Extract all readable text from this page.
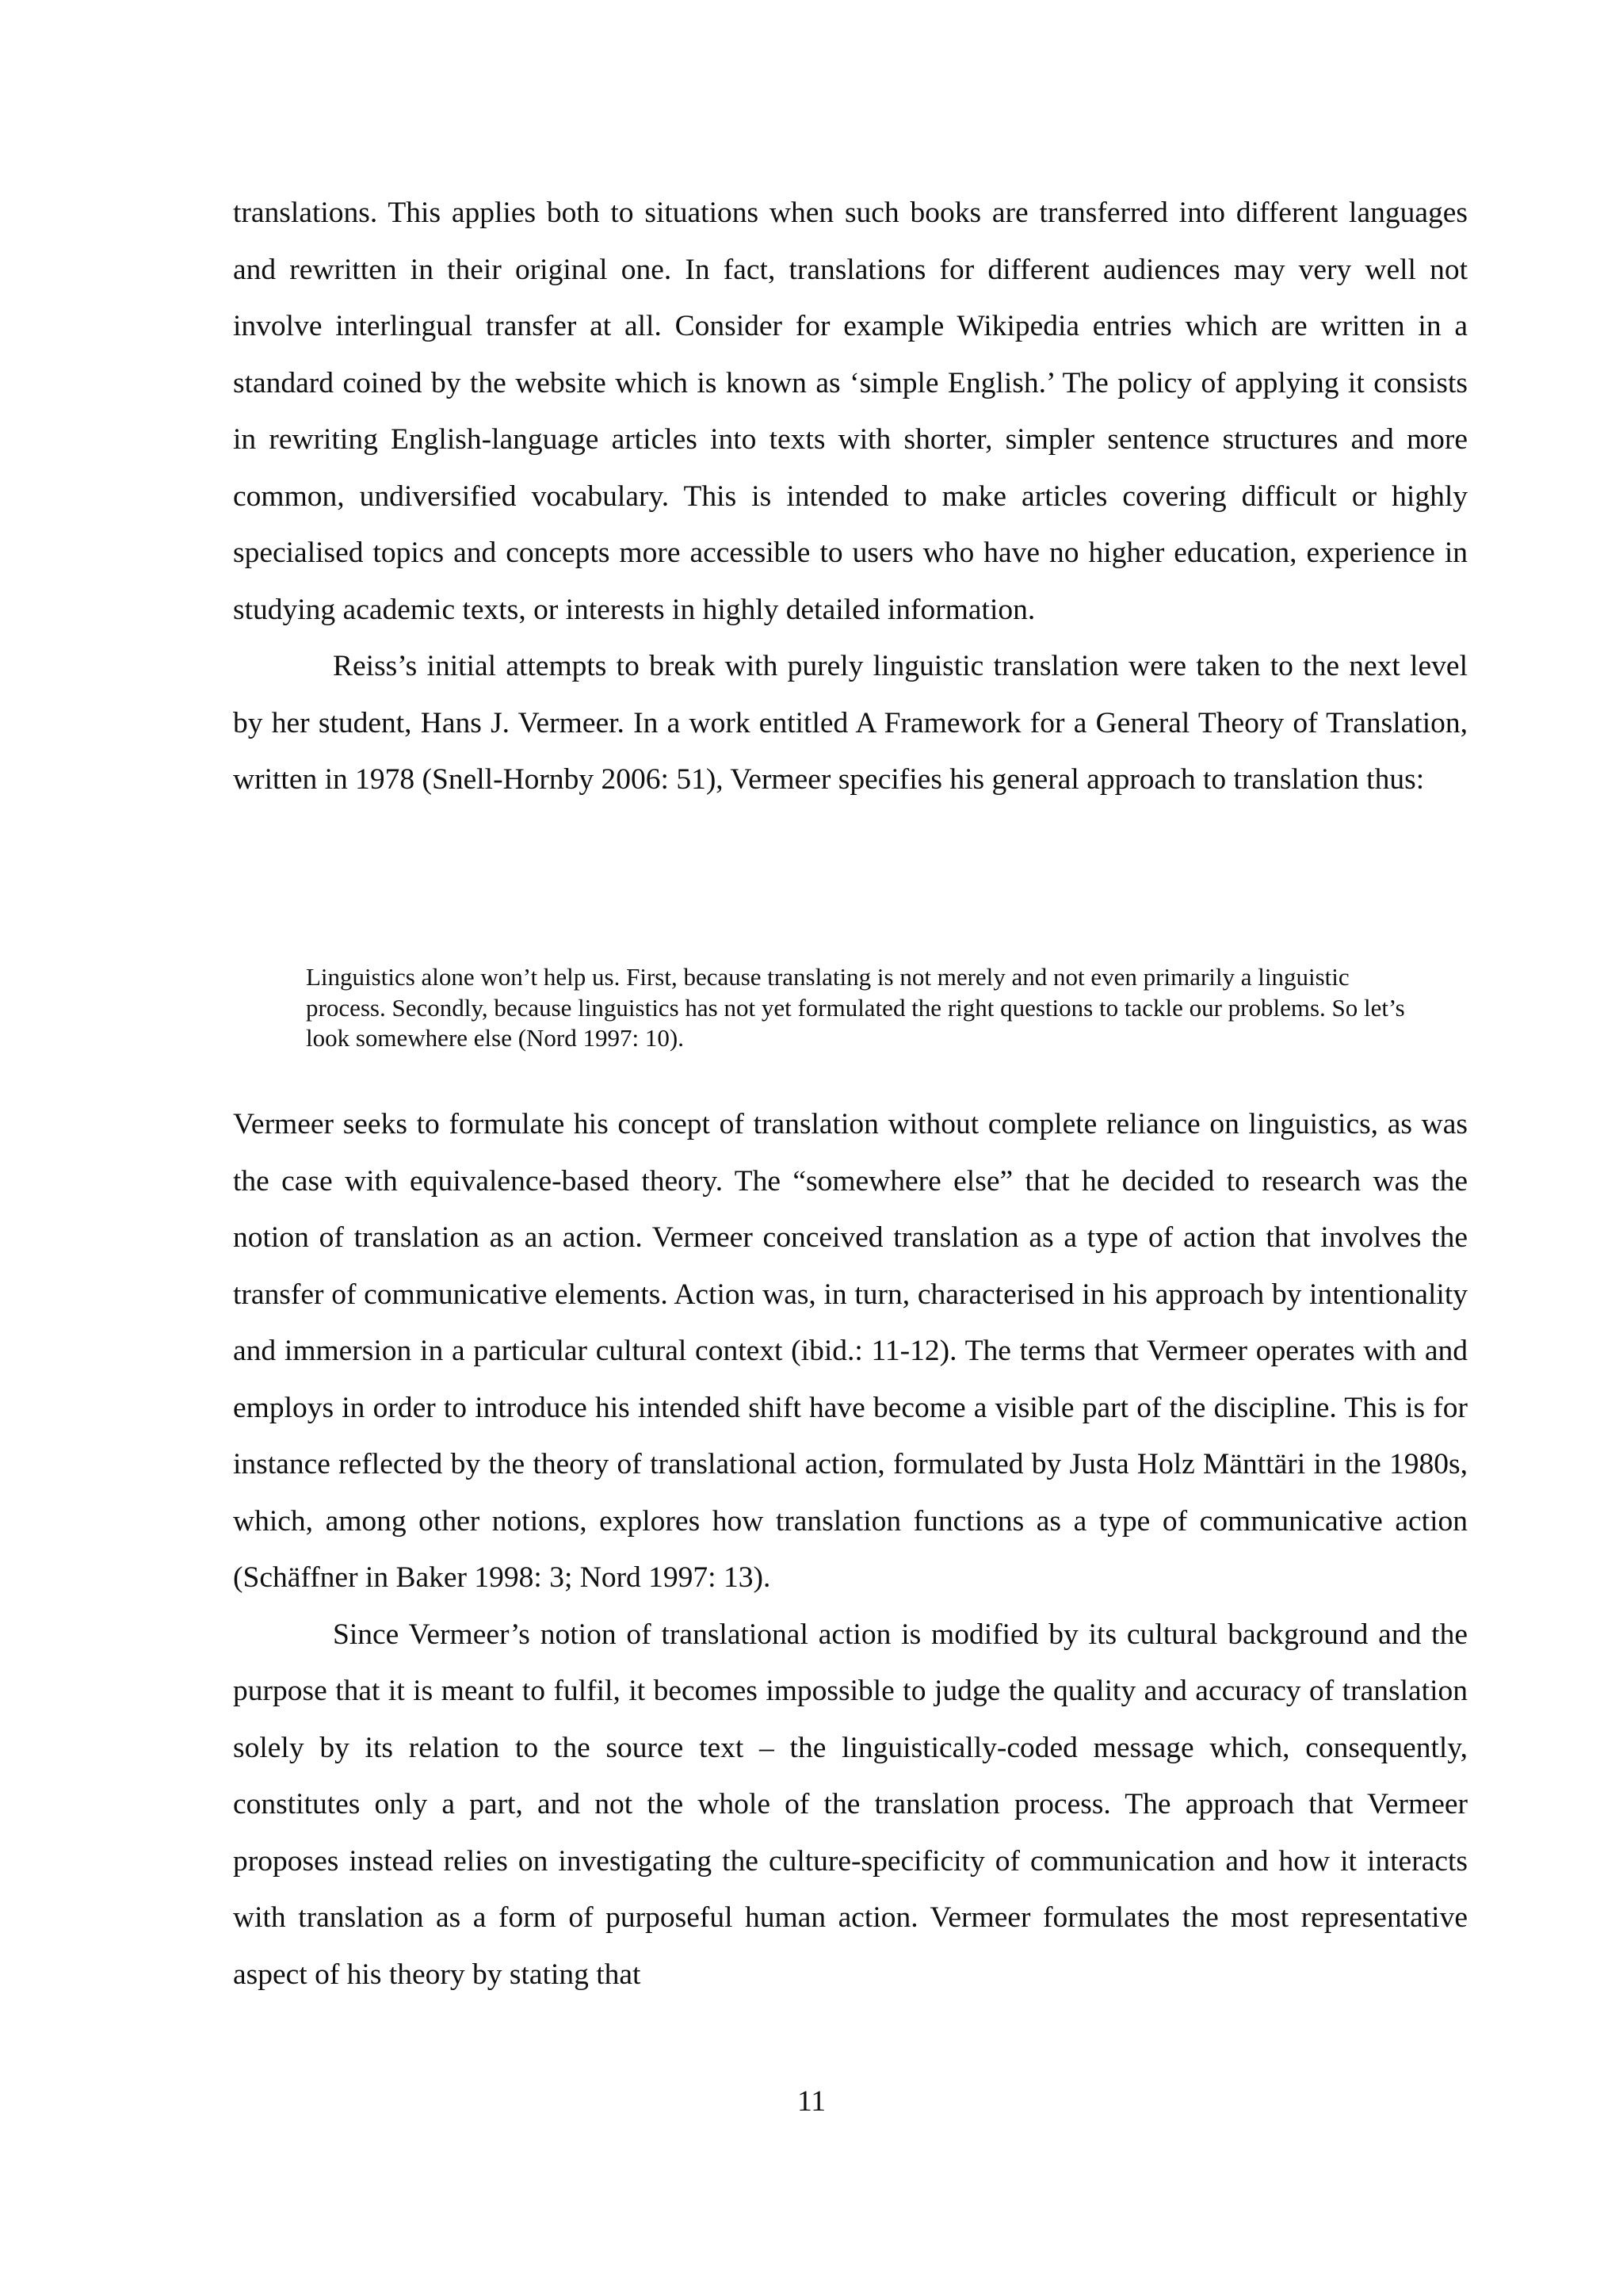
translations. This applies both to situations when such books are transferred into different languages and rewritten in their original one. In fact, translations for different audiences may very well not involve interlingual transfer at all. Consider for example Wikipedia entries which are written in a standard coined by the website which is known as ‘simple English.’ The policy of applying it consists in rewriting English-language articles into texts with shorter, simpler sentence structures and more common, undiversified vocabulary. This is intended to make articles covering difficult or highly specialised topics and concepts more accessible to users who have no higher education, experience in studying academic texts, or interests in highly detailed information.

Reiss’s initial attempts to break with purely linguistic translation were taken to the next level by her student, Hans J. Vermeer. In a work entitled A Framework for a General Theory of Translation, written in 1978 (Snell-Hornby 2006: 51), Vermeer specifies his general approach to translation thus:

Linguistics alone won’t help us. First, because translating is not merely and not even primarily a linguistic process. Secondly, because linguistics has not yet formulated the right questions to tackle our problems. So let’s look somewhere else (Nord 1997: 10).

Vermeer seeks to formulate his concept of translation without complete reliance on linguistics, as was the case with equivalence-based theory. The “somewhere else” that he decided to research was the notion of translation as an action. Vermeer conceived translation as a type of action that involves the transfer of communicative elements. Action was, in turn, characterised in his approach by intentionality and immersion in a particular cultural context (ibid.: 11-12). The terms that Vermeer operates with and employs in order to introduce his intended shift have become a visible part of the discipline. This is for instance reflected by the theory of translational action, formulated by Justa Holz Mänttäri in the 1980s, which, among other notions, explores how translation functions as a type of communicative action (Schäffner in Baker 1998: 3; Nord 1997: 13).

Since Vermeer’s notion of translational action is modified by its cultural background and the purpose that it is meant to fulfil, it becomes impossible to judge the quality and accuracy of translation solely by its relation to the source text – the linguistically-coded message which, consequently, constitutes only a part, and not the whole of the translation process. The approach that Vermeer proposes instead relies on investigating the culture-specificity of communication and how it interacts with translation as a form of purposeful human action. Vermeer formulates the most representative aspect of his theory by stating that

11
